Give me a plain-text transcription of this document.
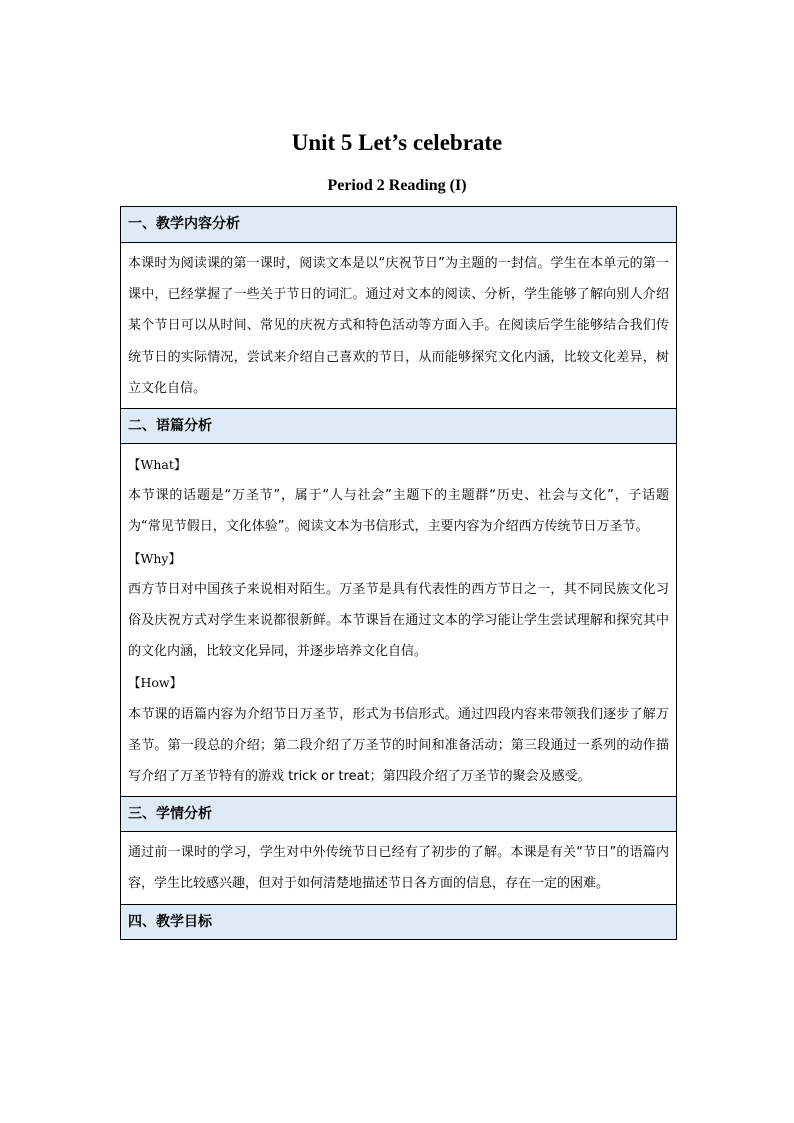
Unit 5 Let’s celebrate
Period 2 Reading (I)
一、教学内容分析

本课时为阅读课的第一课时，阅读文本是以“庆祝节日”为主题的一封信。学生在本单元的第一课中，已经掌握了一些关于节日的词汇。通过对文本的阅读、分析，学生能够了解向别人介绍某个节日可以从时间、常见的庆祝方式和特色活动等方面入手。在阅读后学生能够结合我们传统节日的实际情况，尝试来介绍自己喜欢的节日，从而能够探究文化内涵，比较文化差异，树立文化自信。

二、语篇分析

【What】

本节课的话题是“万圣节”，属于“人与社会”主题下的主题群“历史、社会与文化”，子话题为“常见节假日，文化体验”。阅读文本为书信形式，主要内容为介绍西方传统节日万圣节。

【Why】

西方节日对中国孩子来说相对陌生。万圣节是具有代表性的西方节日之一，其不同民族文化习俗及庆祝方式对学生来说都很新鲜。本节课旨在通过文本的学习能让学生尝试理解和探究其中的文化内涵，比较文化异同，并逐步培养文化自信。

【How】

本节课的语篇内容为介绍节日万圣节，形式为书信形式。通过四段内容来带领我们逐步了解万圣节。第一段总的介绍；第二段介绍了万圣节的时间和准备活动；第三段通过一系列的动作描写介绍了万圣节特有的游戏 trick or treat；第四段介绍了万圣节的聚会及感受。

三、学情分析

通过前一课时的学习，学生对中外传统节日已经有了初步的了解。本课是有关“节日”的语篇内容，学生比较感兴趣，但对于如何清楚地描述节日各方面的信息，存在一定的困难。

四、教学目标
